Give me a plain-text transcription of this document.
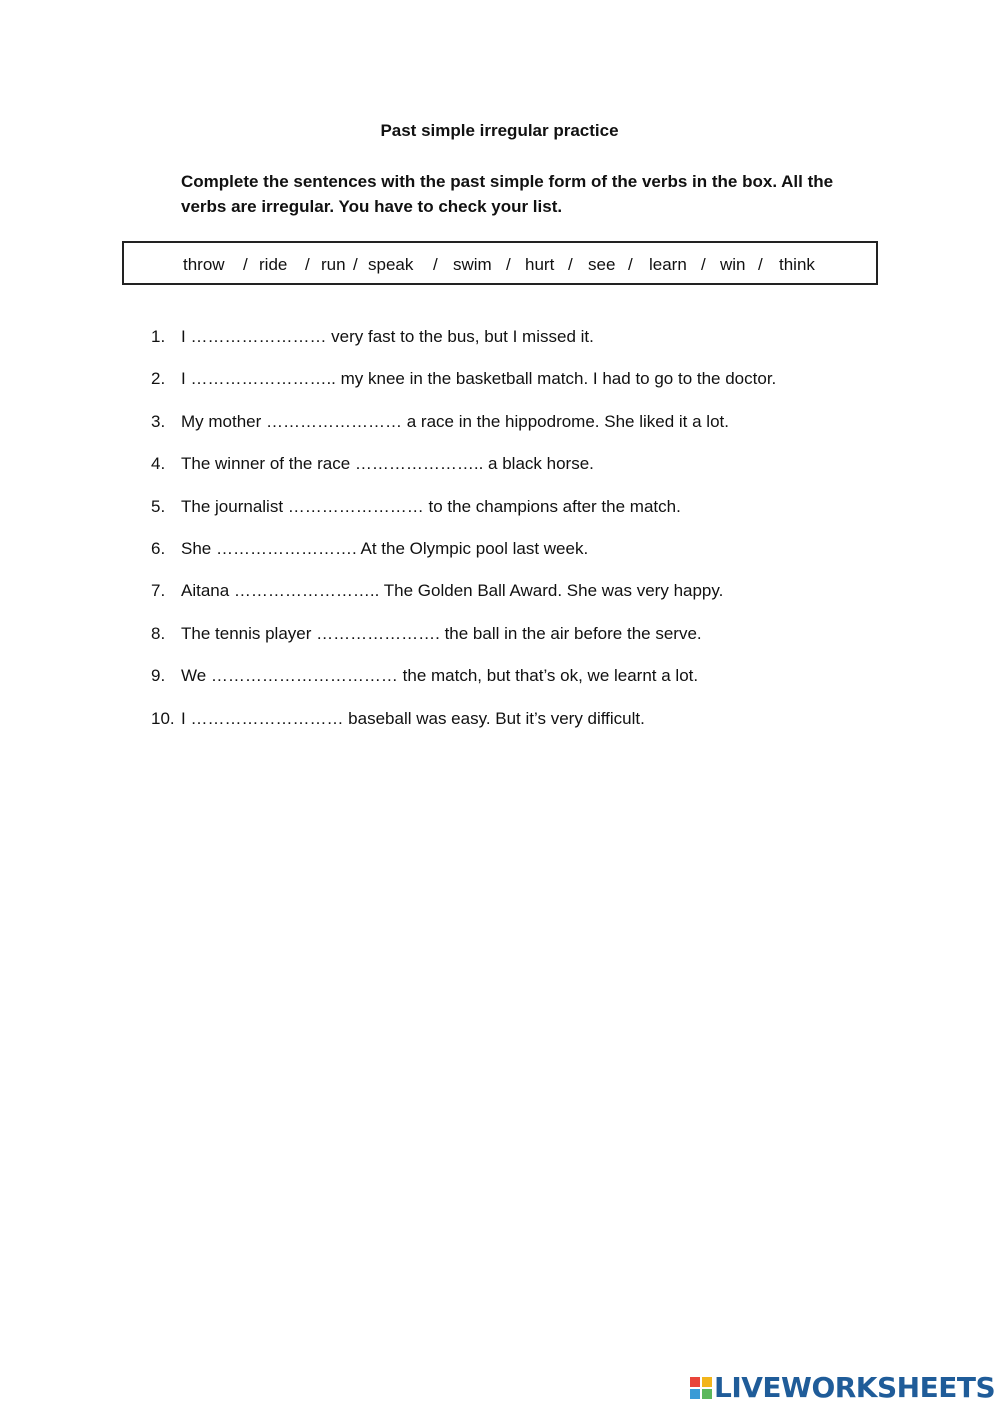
Past simple irregular practice
Complete the sentences with the past simple form of the verbs in the box. All the verbs are irregular. You have to check your list.
throw / ride / run / speak / swim / hurt / see / learn / win / think
1. I …………………… very fast to the bus, but I missed it.
2. I …………………….. my knee in the basketball match. I had to go to the doctor.
3. My mother …………………… a race in the hippodrome. She liked it a lot.
4. The winner of the race ………………….. a black horse.
5. The journalist …………………… to the champions after the match.
6. She ……………………. At the Olympic pool last week.
7. Aitana …………………….. The Golden Ball Award. She was very happy.
8. The tennis player …………………. the ball in the air before the serve.
9. We …………………………… the match, but that’s ok, we learnt a lot.
10. I ……………………… baseball was easy. But it’s very difficult.
LIVEWORKSHEETS
